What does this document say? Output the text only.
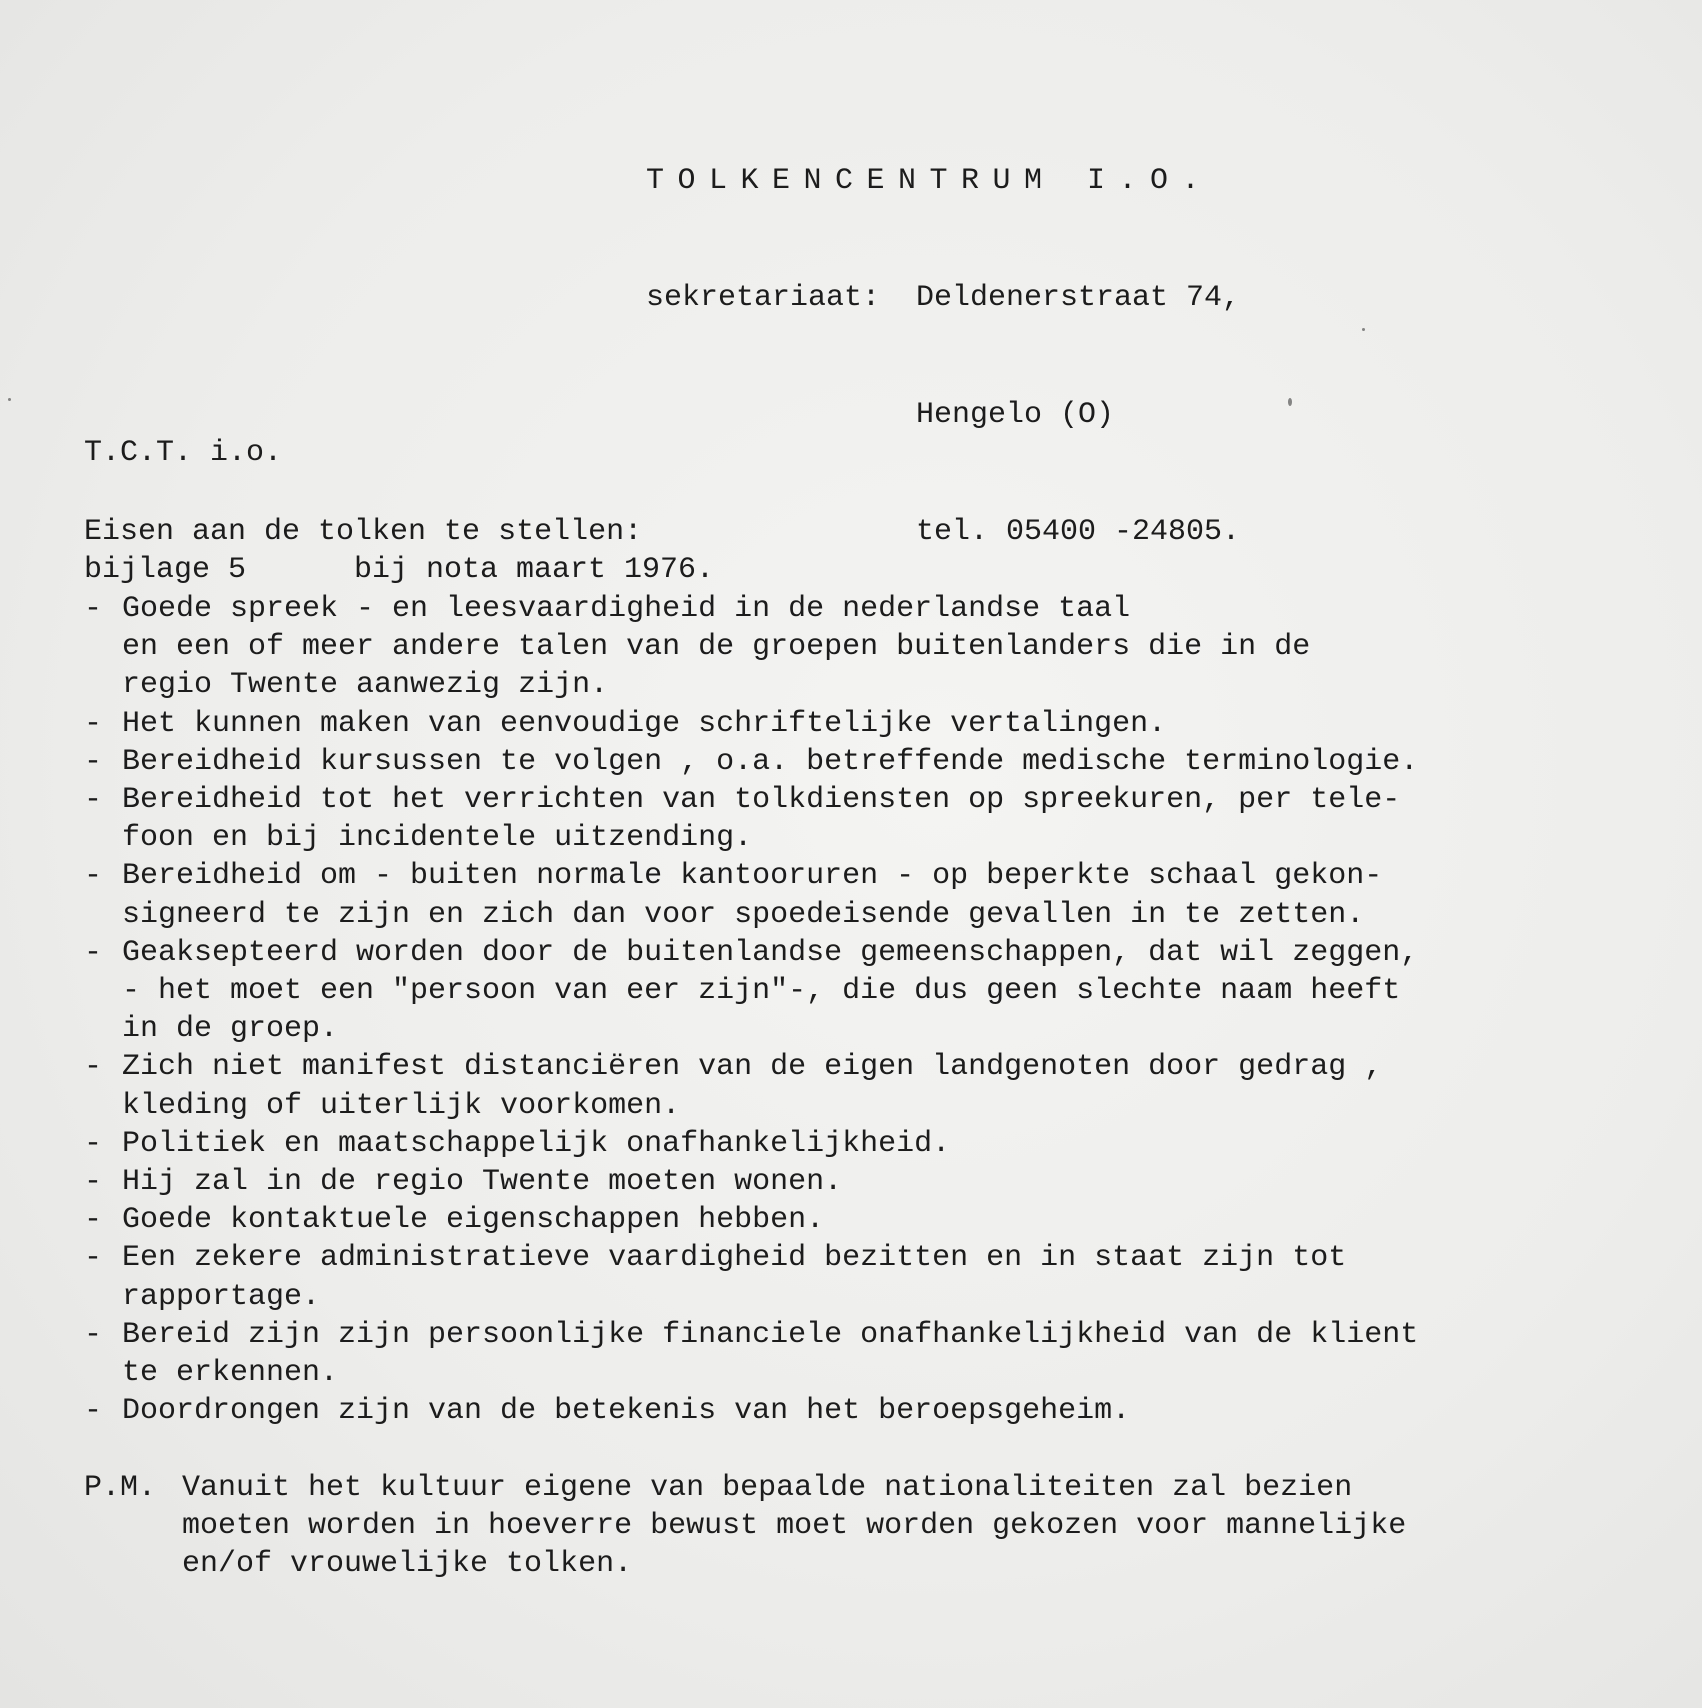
TOLKENCENTRUM I.O.

sekretariaat:	Deldenerstraat 74,

Hengelo (O)

tel. 05400 -24805.

T.C.T. i.o.

bijlage 5	bij nota maart 1976.

Eisen aan de tolken te stellen:
- Goede spreek - en leesvaardigheid in de nederlandse taal
en een of meer andere talen van de groepen buitenlanders die in de
regio Twente aanwezig zijn.
- Het kunnen maken van eenvoudige schriftelijke vertalingen.
- Bereidheid kursussen te volgen , o.a. betreffende medische terminologie.
- Bereidheid tot het verrichten van tolkdiensten op spreekuren, per tele-
foon en bij incidentele uitzending.
- Bereidheid om - buiten normale kantooruren - op beperkte schaal gekon-
signeerd te zijn en zich dan voor spoedeisende gevallen in te zetten.
- Geaksepteerd worden door de buitenlandse gemeenschappen, dat wil zeggen,
- het moet een "persoon van eer zijn"-, die dus geen slechte naam heeft
in de groep.
- Zich niet manifest distanciëren van de eigen landgenoten door gedrag ,
kleding of uiterlijk voorkomen.
- Politiek en maatschappelijk onafhankelijkheid.
- Hij zal in de regio Twente moeten wonen.
- Goede kontaktuele eigenschappen hebben.
- Een zekere administratieve vaardigheid bezitten en in staat zijn tot
rapportage.
- Bereid zijn zijn persoonlijke financiele onafhankelijkheid van de klient
te erkennen.
- Doordrongen zijn van de betekenis van het beroepsgeheim.
P.M. Vanuit het kultuur eigene van bepaalde nationaliteiten zal bezien
moeten worden in hoeverre bewust moet worden gekozen voor mannelijke
en/of vrouwelijke tolken.
